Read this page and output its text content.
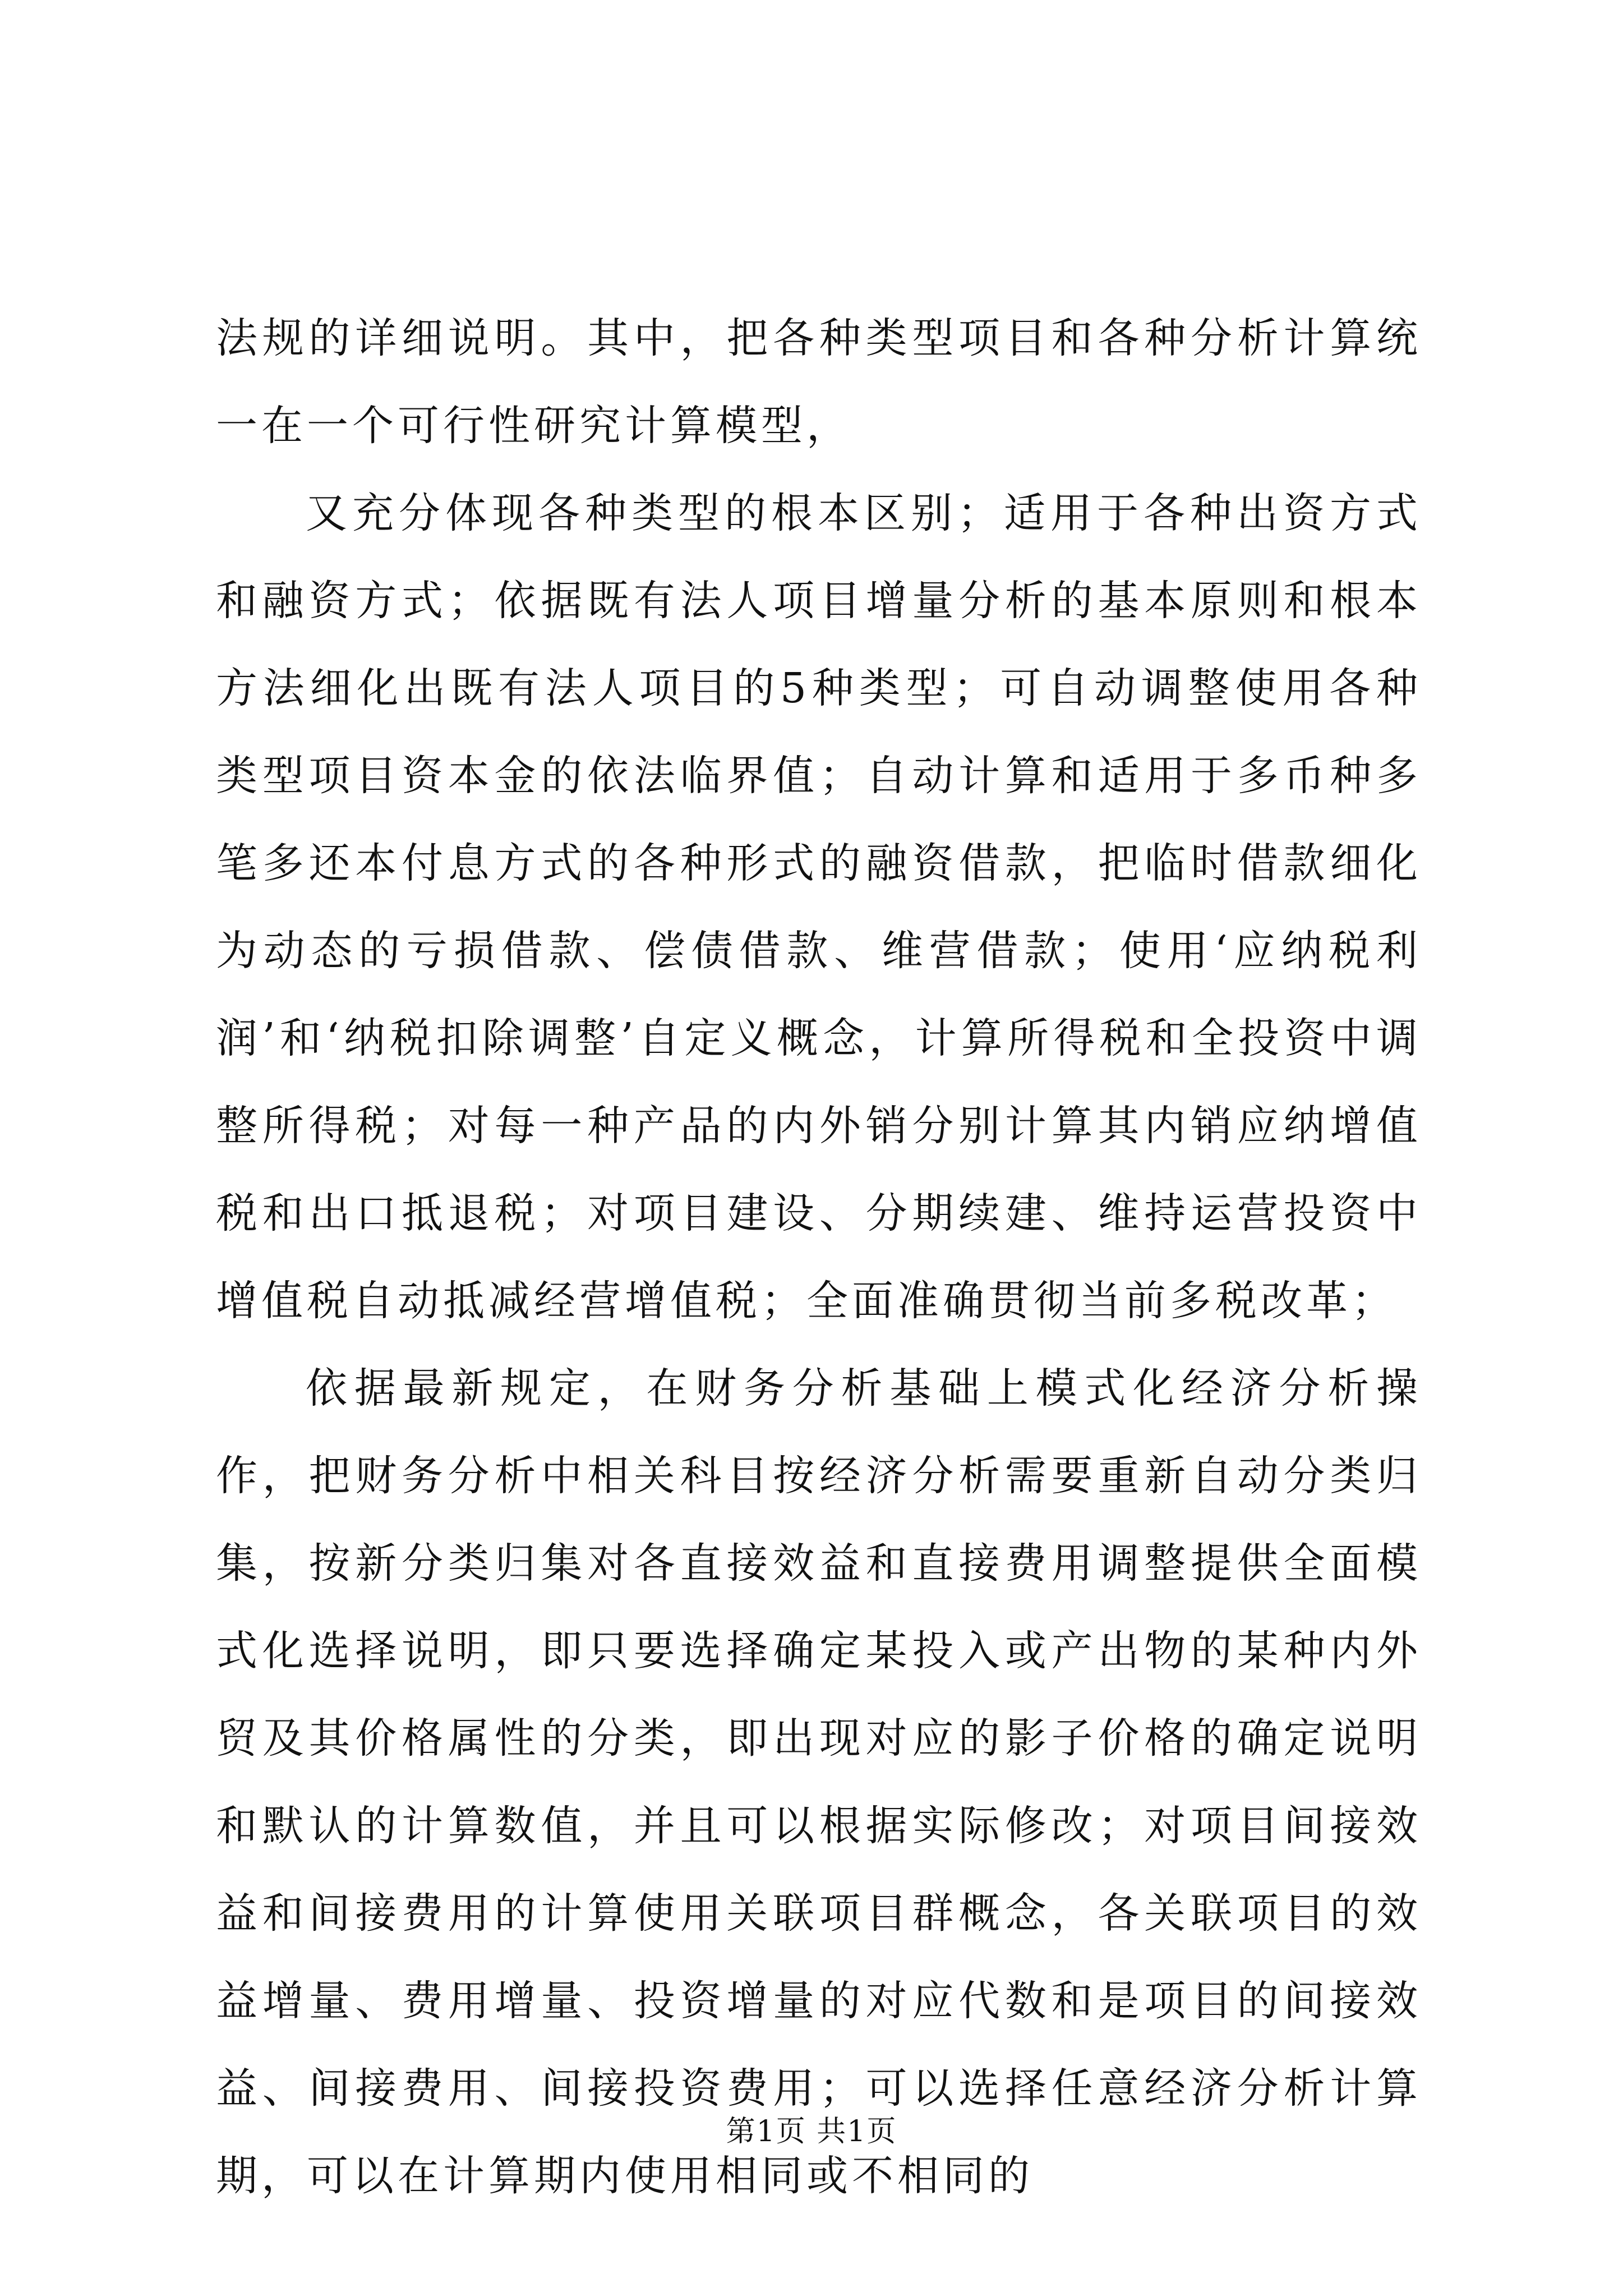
法规的详细说明。其中，把各种类型项目和各种分析计算统一在一个可行性研究计算模型，

又充分体现各种类型的根本区别；适用于各种出资方式和融资方式；依据既有法人项目增量分析的基本原则和根本方法细化出既有法人项目的5种类型；可自动调整使用各种类型项目资本金的依法临界值；自动计算和适用于多币种多笔多还本付息方式的各种形式的融资借款，把临时借款细化为动态的亏损借款、偿债借款、维营借款；使用‘应纳税利润’和‘纳税扣除调整’自定义概念，计算所得税和全投资中调整所得税；对每一种产品的内外销分别计算其内销应纳增值税和出口抵退税；对项目建设、分期续建、维持运营投资中增值税自动抵减经营增值税；全面准确贯彻当前多税改革；

依据最新规定，在财务分析基础上模式化经济分析操作，把财务分析中相关科目按经济分析需要重新自动分类归集，按新分类归集对各直接效益和直接费用调整提供全面模式化选择说明，即只要选择确定某投入或产出物的某种内外贸及其价格属性的分类，即出现对应的影子价格的确定说明和默认的计算数值，并且可以根据实际修改；对项目间接效益和间接费用的计算使用关联项目群概念，各关联项目的效益增量、费用增量、投资增量的对应代数和是项目的间接效益、间接费用、间接投资费用；可以选择任意经济分析计算期，可以在计算期内使用相同或不相同的

第1页 共1页
